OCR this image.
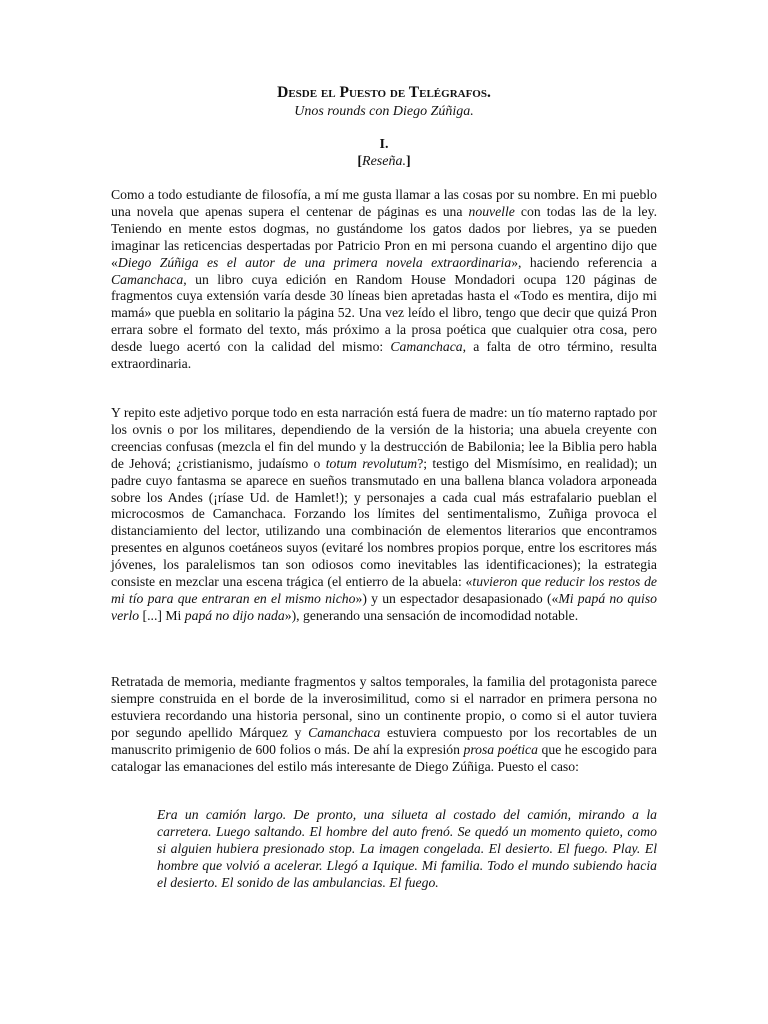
Desde el Puesto de Telégrafos.
Unos rounds con Diego Zúñiga.
I.
[Reseña.]

Como a todo estudiante de filosofía, a mí me gusta llamar a las cosas por su nombre. En mi pueblo una novela que apenas supera el centenar de páginas es una nouvelle con todas las de la ley. Teniendo en mente estos dogmas, no gustándome los gatos dados por liebres, ya se pueden imaginar las reticencias despertadas por Patricio Pron en mi persona cuando el argentino dijo que «Diego Zúñiga es el autor de una primera novela extraordinaria», haciendo referencia a Camanchaca, un libro cuya edición en Random House Mondadori ocupa 120 páginas de fragmentos cuya extensión varía desde 30 líneas bien apretadas hasta el «Todo es mentira, dijo mi mamá» que puebla en solitario la página 52. Una vez leído el libro, tengo que decir que quizá Pron errara sobre el formato del texto, más próximo a la prosa poética que cualquier otra cosa, pero desde luego acertó con la calidad del mismo: Camanchaca, a falta de otro término, resulta extraordinaria.

Y repito este adjetivo porque todo en esta narración está fuera de madre: un tío materno raptado por los ovnis o por los militares, dependiendo de la versión de la historia; una abuela creyente con creencias confusas (mezcla el fin del mundo y la destrucción de Babilonia; lee la Biblia pero habla de Jehová; ¿cristianismo, judaísmo o totum revolutum?; testigo del Mismísimo, en realidad); un padre cuyo fantasma se aparece en sueños transmutado en una ballena blanca voladora arponeada sobre los Andes (¡ríase Ud. de Hamlet!); y personajes a cada cual más estrafalario pueblan el microcosmos de Camanchaca. Forzando los límites del sentimentalismo, Zuñiga provoca el distanciamiento del lector, utilizando una combinación de elementos literarios que encontramos presentes en algunos coetáneos suyos (evitaré los nombres propios porque, entre los escritores más jóvenes, los paralelismos tan son odiosos como inevitables las identificaciones); la estrategia consiste en mezclar una escena trágica (el entierro de la abuela: «tuvieron que reducir los restos de mi tío para que entraran en el mismo nicho») y un espectador desapasionado («Mi papá no quiso verlo [...] Mi papá no dijo nada»), generando una sensación de incomodidad notable.

Retratada de memoria, mediante fragmentos y saltos temporales, la familia del protagonista parece siempre construida en el borde de la inverosimilitud, como si el narrador en primera persona no estuviera recordando una historia personal, sino un continente propio, o como si el autor tuviera por segundo apellido Márquez y Camanchaca estuviera compuesto por los recortables de un manuscrito primigenio de 600 folios o más. De ahí la expresión prosa poética que he escogido para catalogar las emanaciones del estilo más interesante de Diego Zúñiga. Puesto el caso:

Era un camión largo. De pronto, una silueta al costado del camión, mirando a la carretera. Luego saltando. El hombre del auto frenó. Se quedó un momento quieto, como si alguien hubiera presionado stop. La imagen congelada. El desierto. El fuego. Play. El hombre que volvió a acelerar. Llegó a Iquique. Mi familia. Todo el mundo subiendo hacia el desierto. El sonido de las ambulancias. El fuego.
